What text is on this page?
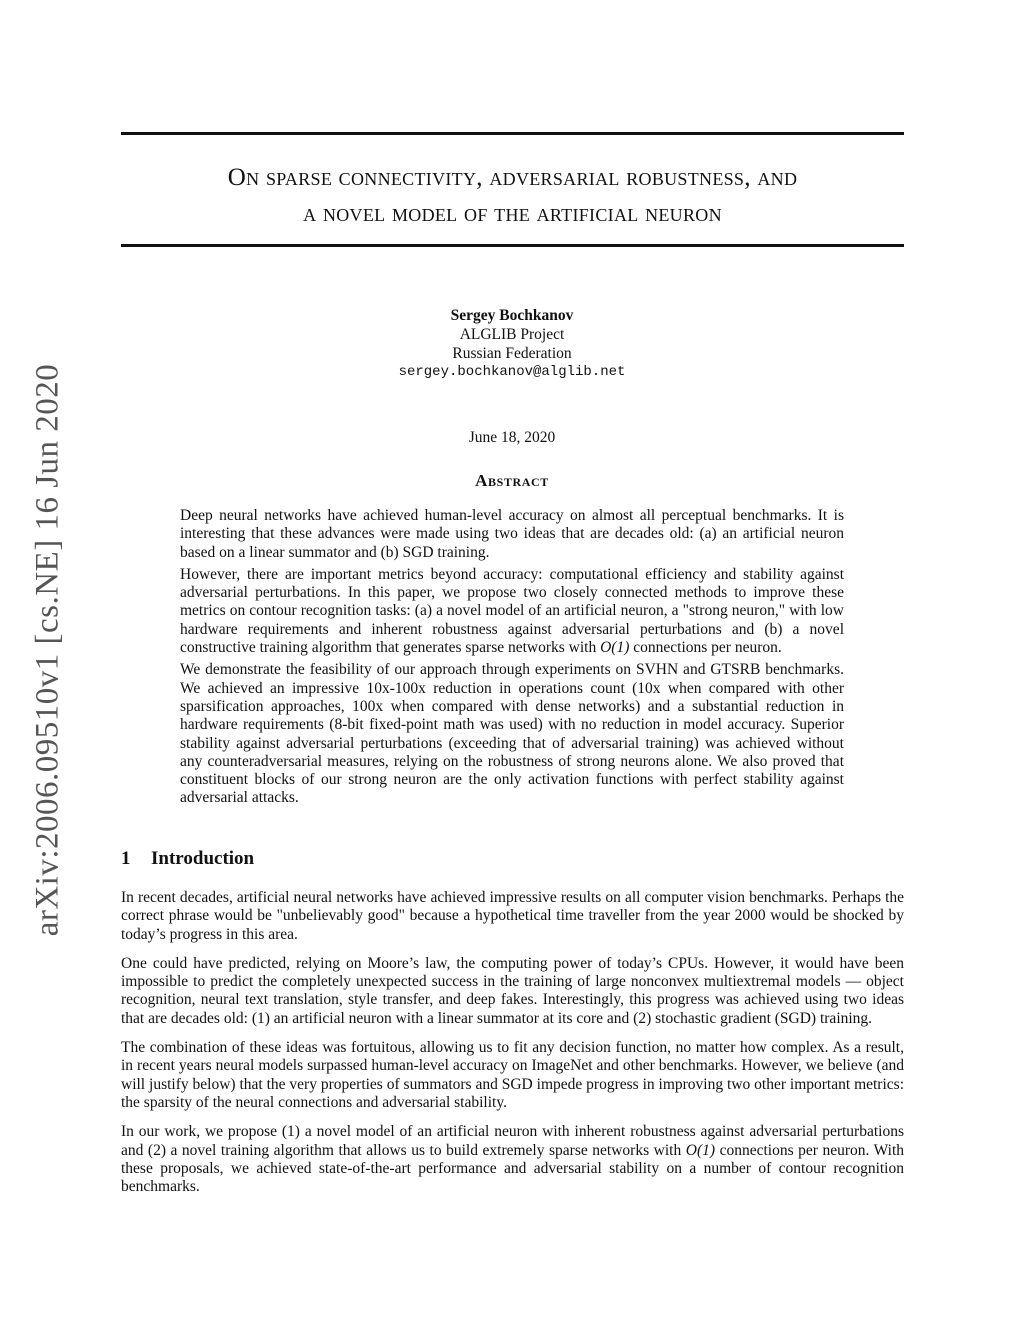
arXiv:2006.09510v1 [cs.NE] 16 Jun 2020
On sparse connectivity, adversarial robustness, and
a novel model of the artificial neuron
Sergey Bochkanov
ALGLIB Project
Russian Federation
sergey.bochkanov@alglib.net
June 18, 2020
Abstract

Deep neural networks have achieved human-level accuracy on almost all perceptual benchmarks. It is interesting that these advances were made using two ideas that are decades old: (a) an artificial neuron based on a linear summator and (b) SGD training.

However, there are important metrics beyond accuracy: computational efficiency and stability against adversarial perturbations. In this paper, we propose two closely connected methods to improve these metrics on contour recognition tasks: (a) a novel model of an artificial neuron, a "strong neuron," with low hardware requirements and inherent robustness against adversarial perturbations and (b) a novel constructive training algorithm that generates sparse networks with O(1) connections per neuron.

We demonstrate the feasibility of our approach through experiments on SVHN and GTSRB benchmarks. We achieved an impressive 10x-100x reduction in operations count (10x when compared with other sparsification approaches, 100x when compared with dense networks) and a substantial reduction in hardware requirements (8-bit fixed-point math was used) with no reduction in model accuracy. Superior stability against adversarial perturbations (exceeding that of adversarial training) was achieved without any counteradversarial measures, relying on the robustness of strong neurons alone. We also proved that constituent blocks of our strong neuron are the only activation functions with perfect stability against adversarial attacks.

1 Introduction

In recent decades, artificial neural networks have achieved impressive results on all computer vision benchmarks. Perhaps the correct phrase would be "unbelievably good" because a hypothetical time traveller from the year 2000 would be shocked by today’s progress in this area.

One could have predicted, relying on Moore’s law, the computing power of today’s CPUs. However, it would have been impossible to predict the completely unexpected success in the training of large nonconvex multiextremal models — object recognition, neural text translation, style transfer, and deep fakes. Interestingly, this progress was achieved using two ideas that are decades old: (1) an artificial neuron with a linear summator at its core and (2) stochastic gradient (SGD) training.

The combination of these ideas was fortuitous, allowing us to fit any decision function, no matter how complex. As a result, in recent years neural models surpassed human-level accuracy on ImageNet and other benchmarks. However, we believe (and will justify below) that the very properties of summators and SGD impede progress in improving two other important metrics: the sparsity of the neural connections and adversarial stability.

In our work, we propose (1) a novel model of an artificial neuron with inherent robustness against adversarial perturbations and (2) a novel training algorithm that allows us to build extremely sparse networks with O(1) connections per neuron. With these proposals, we achieved state-of-the-art performance and adversarial stability on a number of contour recognition benchmarks.
